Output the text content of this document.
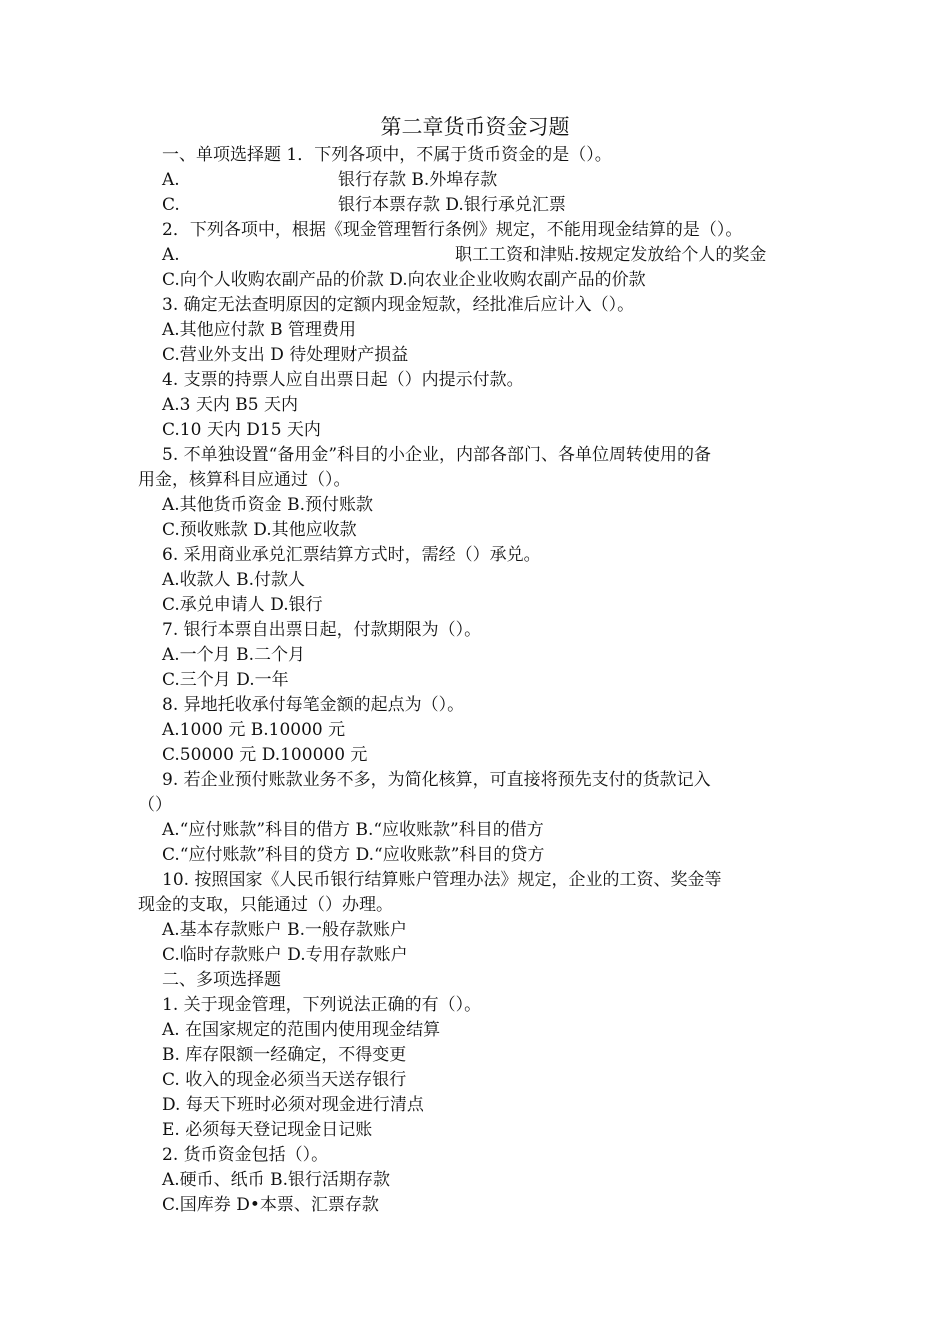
第二章货币资金习题
一、单项选择题 1．下列各项中，不属于货币资金的是（）。
A.	银行存款 B.外埠存款
C.	银行本票存款 D.银行承兑汇票
2．下列各项中，根据《现金管理暂行条例》规定，不能用现金结算的是（）。
A.	职工工资和津贴.按规定发放给个人的奖金
C.向个人收购农副产品的价款 D.向农业企业收购农副产品的价款
3. 确定无法查明原因的定额内现金短款，经批准后应计入（）。
A.其他应付款 B 管理费用
C.营业外支出 D 待处理财产损益
4. 支票的持票人应自出票日起（）内提示付款。
A.3 天内 B5 天内
C.10 天内 D15 天内
5. 不单独设置“备用金”科目的小企业，内部各部门、各单位周转使用的备
用金，核算科目应通过（）。
A.其他货币资金 B.预付账款
C.预收账款 D.其他应收款
6. 采用商业承兑汇票结算方式时，需经（）承兑。
A.收款人 B.付款人
C.承兑申请人 D.银行
7. 银行本票自出票日起，付款期限为（）。
A.一个月 B.二个月
C.三个月 D.一年
8. 异地托收承付每笔金额的起点为（）。
A.1000 元 B.10000 元
C.50000 元 D.100000 元
9. 若企业预付账款业务不多，为简化核算，可直接将预先支付的货款记入
（）
A.“应付账款”科目的借方 B.“应收账款”科目的借方
C.“应付账款”科目的贷方 D.“应收账款”科目的贷方
10. 按照国家《人民币银行结算账户管理办法》规定，企业的工资、奖金等
现金的支取，只能通过（）办理。
A.基本存款账户 B.一般存款账户
C.临时存款账户 D.专用存款账户
二、多项选择题
1. 关于现金管理，下列说法正确的有（）。
A. 在国家规定的范围内使用现金结算
B. 库存限额一经确定，不得变更
C. 收入的现金必须当天送存银行
D. 每天下班时必须对现金进行清点
E. 必须每天登记现金日记账
2. 货币资金包括（）。
A.硬币、纸币 B.银行活期存款
C.国库券 D•本票、汇票存款
